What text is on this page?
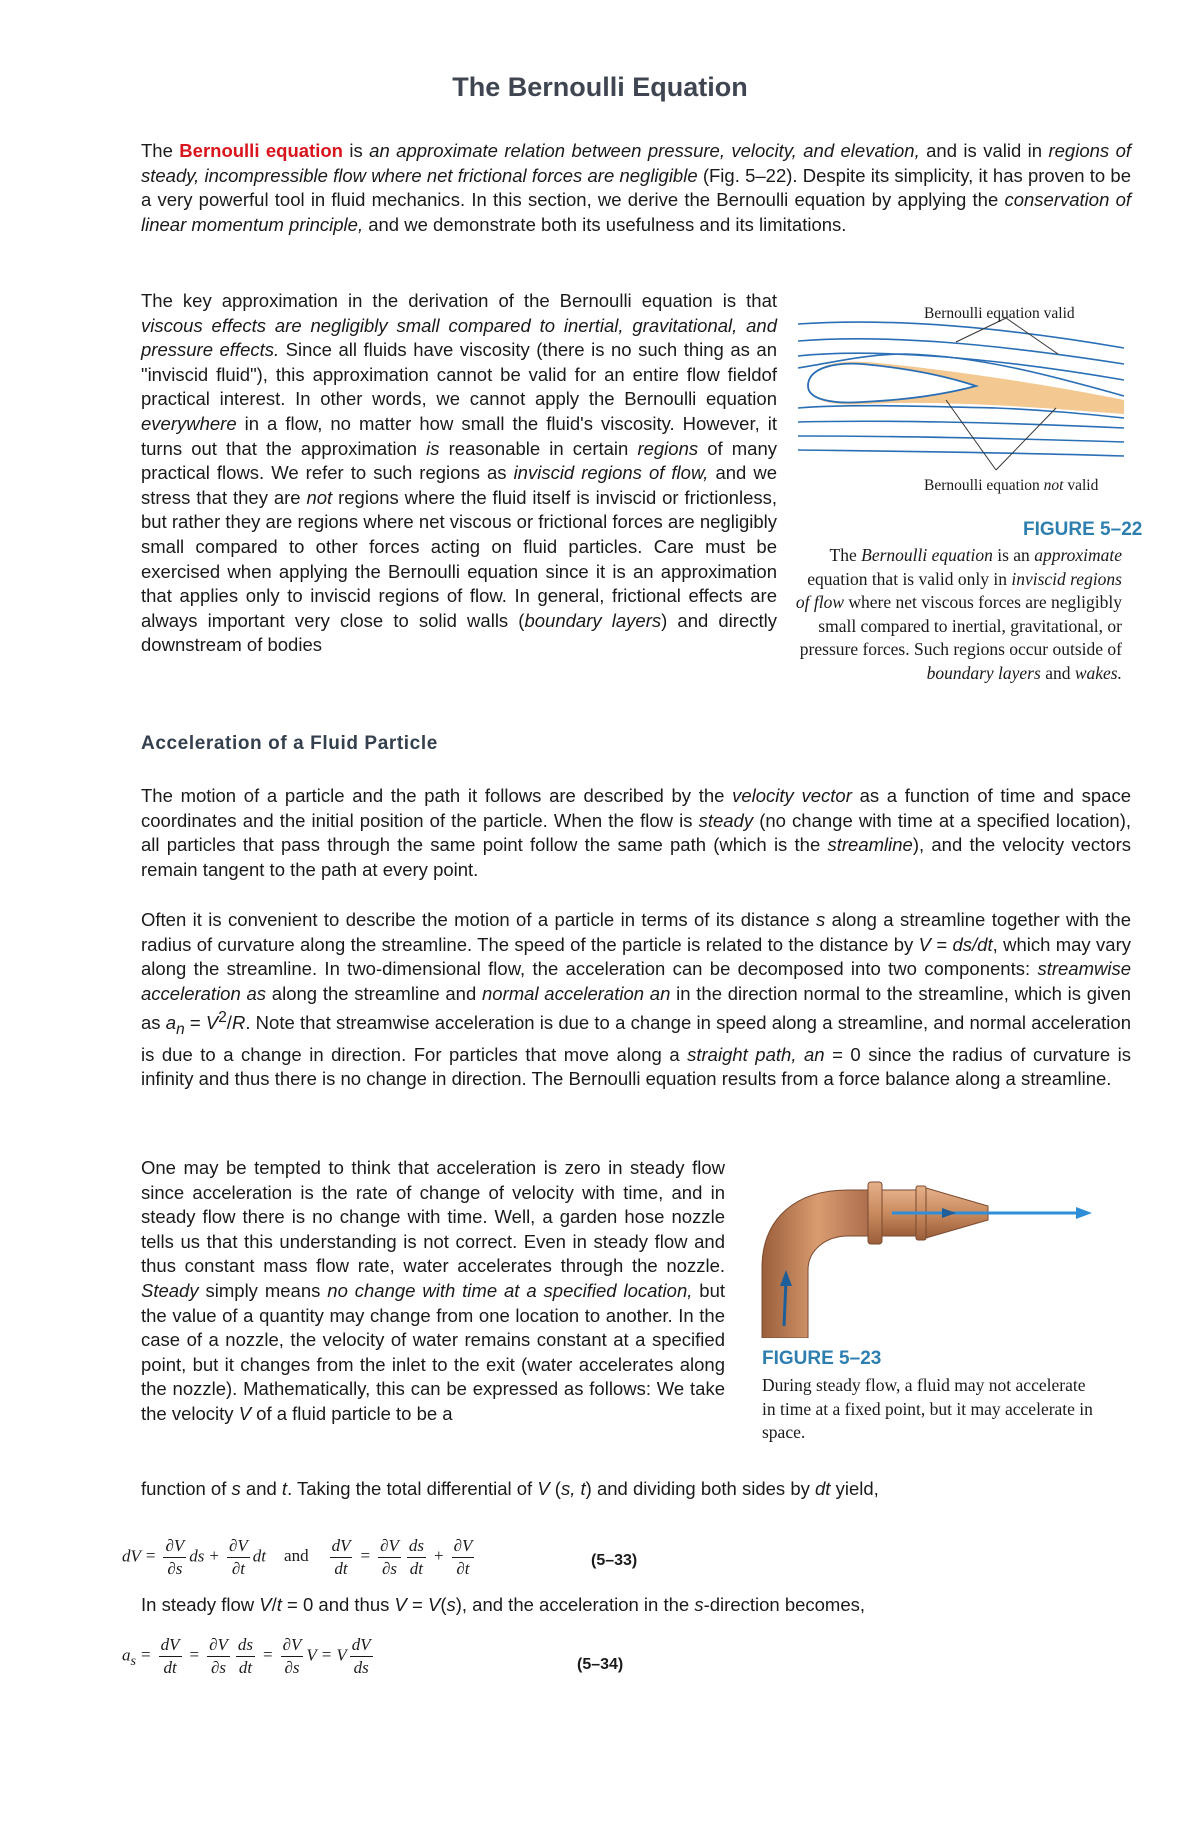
The Bernoulli Equation

The Bernoulli equation is an approximate relation between pressure, velocity, and elevation, and is valid in regions of steady, incompressible flow where net frictional forces are negligible (Fig. 5–22). Despite its simplicity, it has proven to be a very powerful tool in fluid mechanics. In this section, we derive the Bernoulli equation by applying the conservation of linear momentum principle, and we demonstrate both its usefulness and its limitations.

The key approximation in the derivation of the Bernoulli equation is that viscous effects are negligibly small compared to inertial, gravitational, and pressure effects. Since all fluids have viscosity (there is no such thing as an "inviscid fluid"), this approximation cannot be valid for an entire flow fieldof practical interest. In other words, we cannot apply the Bernoulli equation everywhere in a flow, no matter how small the fluid's viscosity. However, it turns out that the approximation is reasonable in certain regions of many practical flows. We refer to such regions as inviscid regions of flow, and we stress that they are not regions where the fluid itself is inviscid or frictionless, but rather they are regions where net viscous or frictional forces are negligibly small compared to other forces acting on fluid particles. Care must be exercised when applying the Bernoulli equation since it is an approximation that applies only to inviscid regions of flow. In general, frictional effects are always important very close to solid walls (boundary layers) and directly downstream of bodies

Bernoulli equation valid
Bernoulli equation not valid
FIGURE 5–22

The Bernoulli equation is an approximate equation that is valid only in inviscid regions of flow where net viscous forces are negligibly small compared to inertial, gravitational, or pressure forces. Such regions occur outside of boundary layers and wakes.

Acceleration of a Fluid Particle

The motion of a particle and the path it follows are described by the velocity vector as a function of time and space coordinates and the initial position of the particle. When the flow is steady (no change with time at a specified location), all particles that pass through the same point follow the same path (which is the streamline), and the velocity vectors remain tangent to the path at every point.

Often it is convenient to describe the motion of a particle in terms of its distance s along a streamline together with the radius of curvature along the streamline. The speed of the particle is related to the distance by V = ds/dt, which may vary along the streamline. In two-dimensional flow, the acceleration can be decomposed into two components: streamwise acceleration as along the streamline and normal acceleration an in the direction normal to the streamline, which is given as $a_n = V^2/R$. Note that streamwise acceleration is due to a change in speed along a streamline, and normal acceleration is due to a change in direction. For particles that move along a straight path, an = 0 since the radius of curvature is infinity and thus there is no change in direction. The Bernoulli equation results from a force balance along a streamline.

One may be tempted to think that acceleration is zero in steady flow since acceleration is the rate of change of velocity with time, and in steady flow there is no change with time. Well, a garden hose nozzle tells us that this understanding is not correct. Even in steady flow and thus constant mass flow rate, water accelerates through the nozzle. Steady simply means no change with time at a specified location, but the value of a quantity may change from one location to another. In the case of a nozzle, the velocity of water remains constant at a specified point, but it changes from the inlet to the exit (water accelerates along the nozzle). Mathematically, this can be expressed as follows: We take the velocity V of a fluid particle to be a

function of s and t. Taking the total differential of V (s, t) and dividing both sides by dt yield,

FIGURE 5–23

During steady flow, a fluid may not accelerate in time at a fixed point, but it may accelerate in space.

dV = $\frac{\partial V}{\partial s}$ ds + $\frac{\partial V}{\partial t}$ dt and $\frac{dV}{dt} = \frac{\partial V}{\partial s} \frac{ds}{dt} + \frac{\partial V}{\partial t}$	(5–33)

In steady flow V/t = 0 and thus V = V(s), and the acceleration in the s-direction becomes,

$a_s = \frac{dV}{dt} = \frac{\partial V}{\partial s} \frac{ds}{dt} = \frac{\partial V}{\partial s}$ V = V $\frac{dV}{ds}$	(5–34)
